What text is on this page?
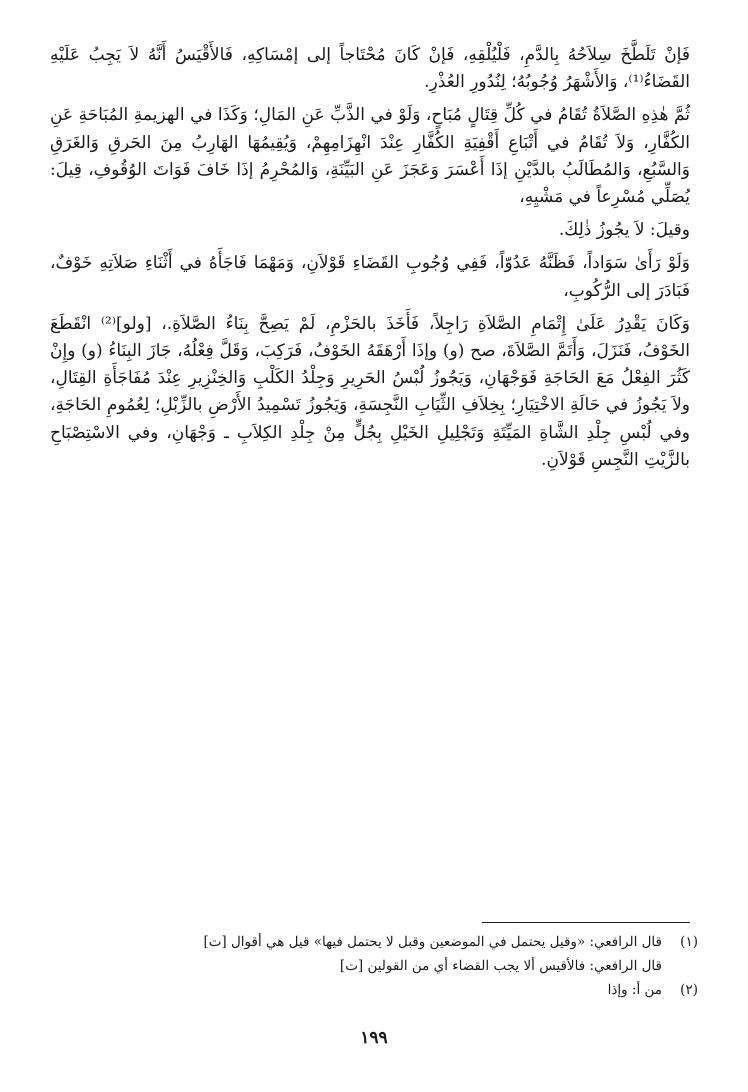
فَإنْ تَلَطَّخَ سِلاَحُهُ بِالدَّمِ، فَلْيُلْقِهِ، فَإنْ كَانَ مُحْتَاجاً إلى إمْسَاكِهِ، فَالأَقْيَسُ أَنَّهُ لاَ يَجِبُ عَلَيْهِ القَضَاءُ⁽¹⁾، وَالأَشْهَرُ وُجُوبُهُ؛ لِنُدُورِ العُذْرِ.

ثُمَّ هٰذِهِ الصَّلاَةُ تُقَامُ في كُلِّ قِتَالٍ مُبَاحٍ، وَلَوْ في الذَّبِّ عَنِ المَالِ؛ وَكَذَا في الهزيمةِ المُبَاحَةِ عَنِ الكُفَّارِ، وَلاَ تُقَامُ في أَتْبَاعِ أَقْفِيَةِ الكُفَّارِ عِنْدَ انْهِزَامِهِمْ، وَيُقِيمُهَا الهَارِبُ مِنَ الحَرقِ وَالغَرَقِ وَالسَّبُعِ، وَالمُطَالَبُ بالدَّيْنِ إذَا أَعْسَرَ وَعَجَزَ عَنِ البَيِّنَةِ، وَالمُحْرِمُ إذَا خَافَ فَوَاتَ الوُقُوفِ، قِيلَ: يُصَلِّي مُسْرِعاً في مَشْيِهِ،

وقيلَ: لاَ يجُوزُ ذٰلِكَ.

وَلَوْ رَأَىٰ سَوَاداً، فَظَنَّهُ عَدُوّاً، فَفِي وُجُوبِ القَضَاءِ قَوْلاَنِ، وَمَهْمَا فَاجَأَهُ في أَثْنَاءِ صَلاَتِهِ خَوْفٌ، فَبَادَرَ إلى الرُّكُوبِ،

وَكَانَ يَقْدِرُ عَلَىٰ إِتْمَامِ الصَّلاَةِ رَاجِلاً، فَأَخَذَ بالحَزْمِ، لَمْ يَصِحَّ بِنَاءُ الصَّلاَةِ.، [ولو]⁽²⁾ انْقَطَعَ الخَوْفُ، فَنَزَلَ، وَأَتَمَّ الصَّلاَةَ، صح (و) وإذَا أَرْهَقَهُ الخَوْفُ، فَرَكِبَ، وَقَلَّ فِعْلُهُ، جَازَ البِنَاءُ (و) وإِنْ كَثُرَ الفِعْلُ مَعَ الحَاجَةِ فَوَجْهَانِ، وَيَجُوزُ لُبْسُ الحَرِيرِ وَجِلْدُ الكَلْبِ وَالخِنْزِيرِ عِنْدَ مُفَاجَأَةِ القِتَالِ، ولاَ يَجُوزُ في حَالَةِ الاخْتِيَارِ؛ بِخِلاَفِ الثِّيَابِ النَّجِسَةِ، وَيَجُوزُ تَسْمِيدُ الأَرْضِ بالزِّبْلِ؛ لِعُمُومِ الحَاجَةِ، وفي لُبْسِ جِلْدِ الشَّاةِ المَيِّتَةِ وَتَجْلِيلِ الخَيْلِ بِجُلٍّ مِنْ جِلْدِ الكِلاَبِ ـ وَجْهَانِ، وفي الاسْتِصْبَاحِ بالزَّيْتِ النَّجِسِ قَوْلاَنِ.

(١)
قال الرافعي: «وقيل يحتمل في الموضعين وقبل لا يحتمل فيها» قيل هي أقوال [ت]
قال الرافعي: فالأقيس ألا يجب القضاء أي من القولين [ت]
(٢)
من أ: وإذا
١٩٩
